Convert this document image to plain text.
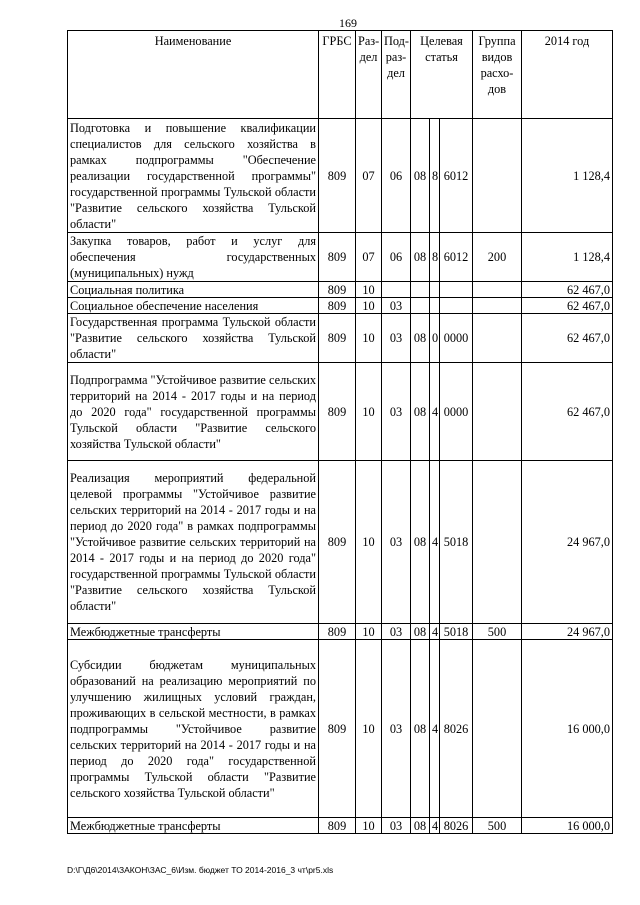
169
Наименование	ГРБС	Раз-дел	Под-раз-дел	Целевая статья			Группа видов расхо-дов	2014 год
Подготовка и повышение квалификации специалистов для сельского хозяйства в рамках подпрограммы "Обеспечение реализации государственной программы" государственной программы Тульской области "Развитие сельского хозяйства Тульской области"	809	07	06	08	8	6012		1 128,4
Закупка товаров, работ и услуг для обеспечения государственных (муниципальных) нужд	809	07	06	08	8	6012	200	1 128,4
Социальная политика	809	10						62 467,0
Социальное обеспечение населения	809	10	03					62 467,0
Государственная программа Тульской области "Развитие сельского хозяйства Тульской области"	809	10	03	08	0	0000		62 467,0
Подпрограмма "Устойчивое развитие сельских территорий на 2014 - 2017 годы и на период до 2020 года" государственной программы Тульской области "Развитие сельского хозяйства Тульской области"	809	10	03	08	4	0000		62 467,0
Реализация мероприятий федеральной целевой программы "Устойчивое развитие сельских территорий на 2014 - 2017 годы и на период до 2020 года" в рамках подпрограммы "Устойчивое развитие сельских территорий на 2014 - 2017 годы и на период до 2020 года" государственной программы Тульской области "Развитие сельского хозяйства Тульской области"	809	10	03	08	4	5018		24 967,0
Межбюджетные трансферты	809	10	03	08	4	5018	500	24 967,0
Субсидии бюджетам муниципальных образований на реализацию мероприятий по улучшению жилищных условий граждан, проживающих в сельской местности, в рамках подпрограммы "Устойчивое развитие сельских территорий на 2014 - 2017 годы и на период до 2020 года" государственной программы Тульской области "Развитие сельского хозяйства Тульской области"	809	10	03	08	4	8026		16 000,0
Межбюджетные трансферты	809	10	03	08	4	8026	500	16 000,0
D:\Г\Д6\2014\ЗАКОН\ЗАС_6\Изм. бюджет ТО 2014-2016_3 чт\pr5.xls
